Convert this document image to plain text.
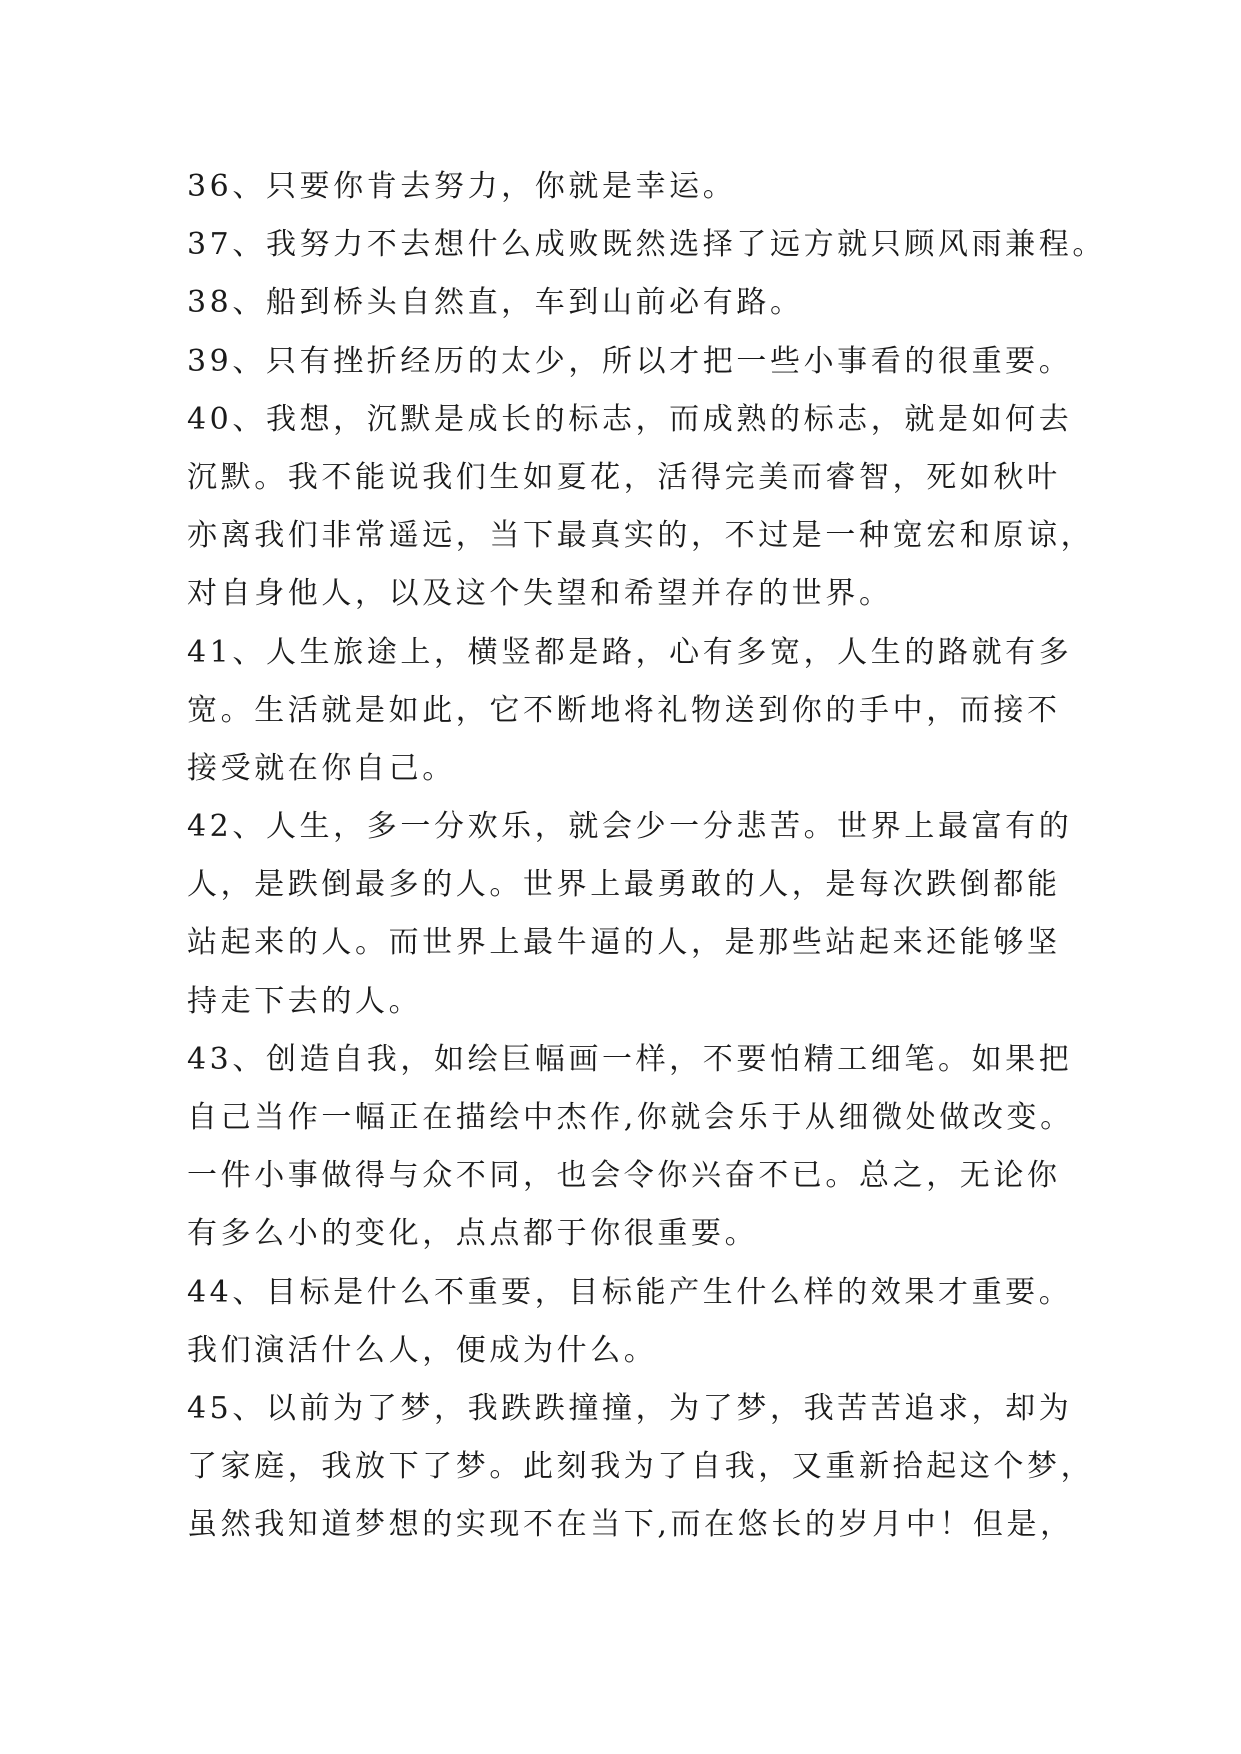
36、只要你肯去努力，你就是幸运。
37、我努力不去想什么成败既然选择了远方就只顾风雨兼程。
38、船到桥头自然直，车到山前必有路。
39、只有挫折经历的太少，所以才把一些小事看的很重要。
40、我想，沉默是成长的标志，而成熟的标志，就是如何去
沉默。我不能说我们生如夏花，活得完美而睿智，死如秋叶
亦离我们非常遥远，当下最真实的，不过是一种宽宏和原谅，
对自身他人，以及这个失望和希望并存的世界。
41、人生旅途上，横竖都是路，心有多宽，人生的路就有多
宽。生活就是如此，它不断地将礼物送到你的手中，而接不
接受就在你自己。
42、人生，多一分欢乐，就会少一分悲苦。世界上最富有的
人，是跌倒最多的人。世界上最勇敢的人，是每次跌倒都能
站起来的人。而世界上最牛逼的人，是那些站起来还能够坚
持走下去的人。
43、创造自我，如绘巨幅画一样，不要怕精工细笔。如果把
自己当作一幅正在描绘中杰作,你就会乐于从细微处做改变。
一件小事做得与众不同，也会令你兴奋不已。总之，无论你
有多么小的变化，点点都于你很重要。
44、目标是什么不重要，目标能产生什么样的效果才重要。
我们演活什么人，便成为什么。
45、以前为了梦，我跌跌撞撞，为了梦，我苦苦追求，却为
了家庭，我放下了梦。此刻我为了自我，又重新拾起这个梦，
虽然我知道梦想的实现不在当下,而在悠长的岁月中！但是，
